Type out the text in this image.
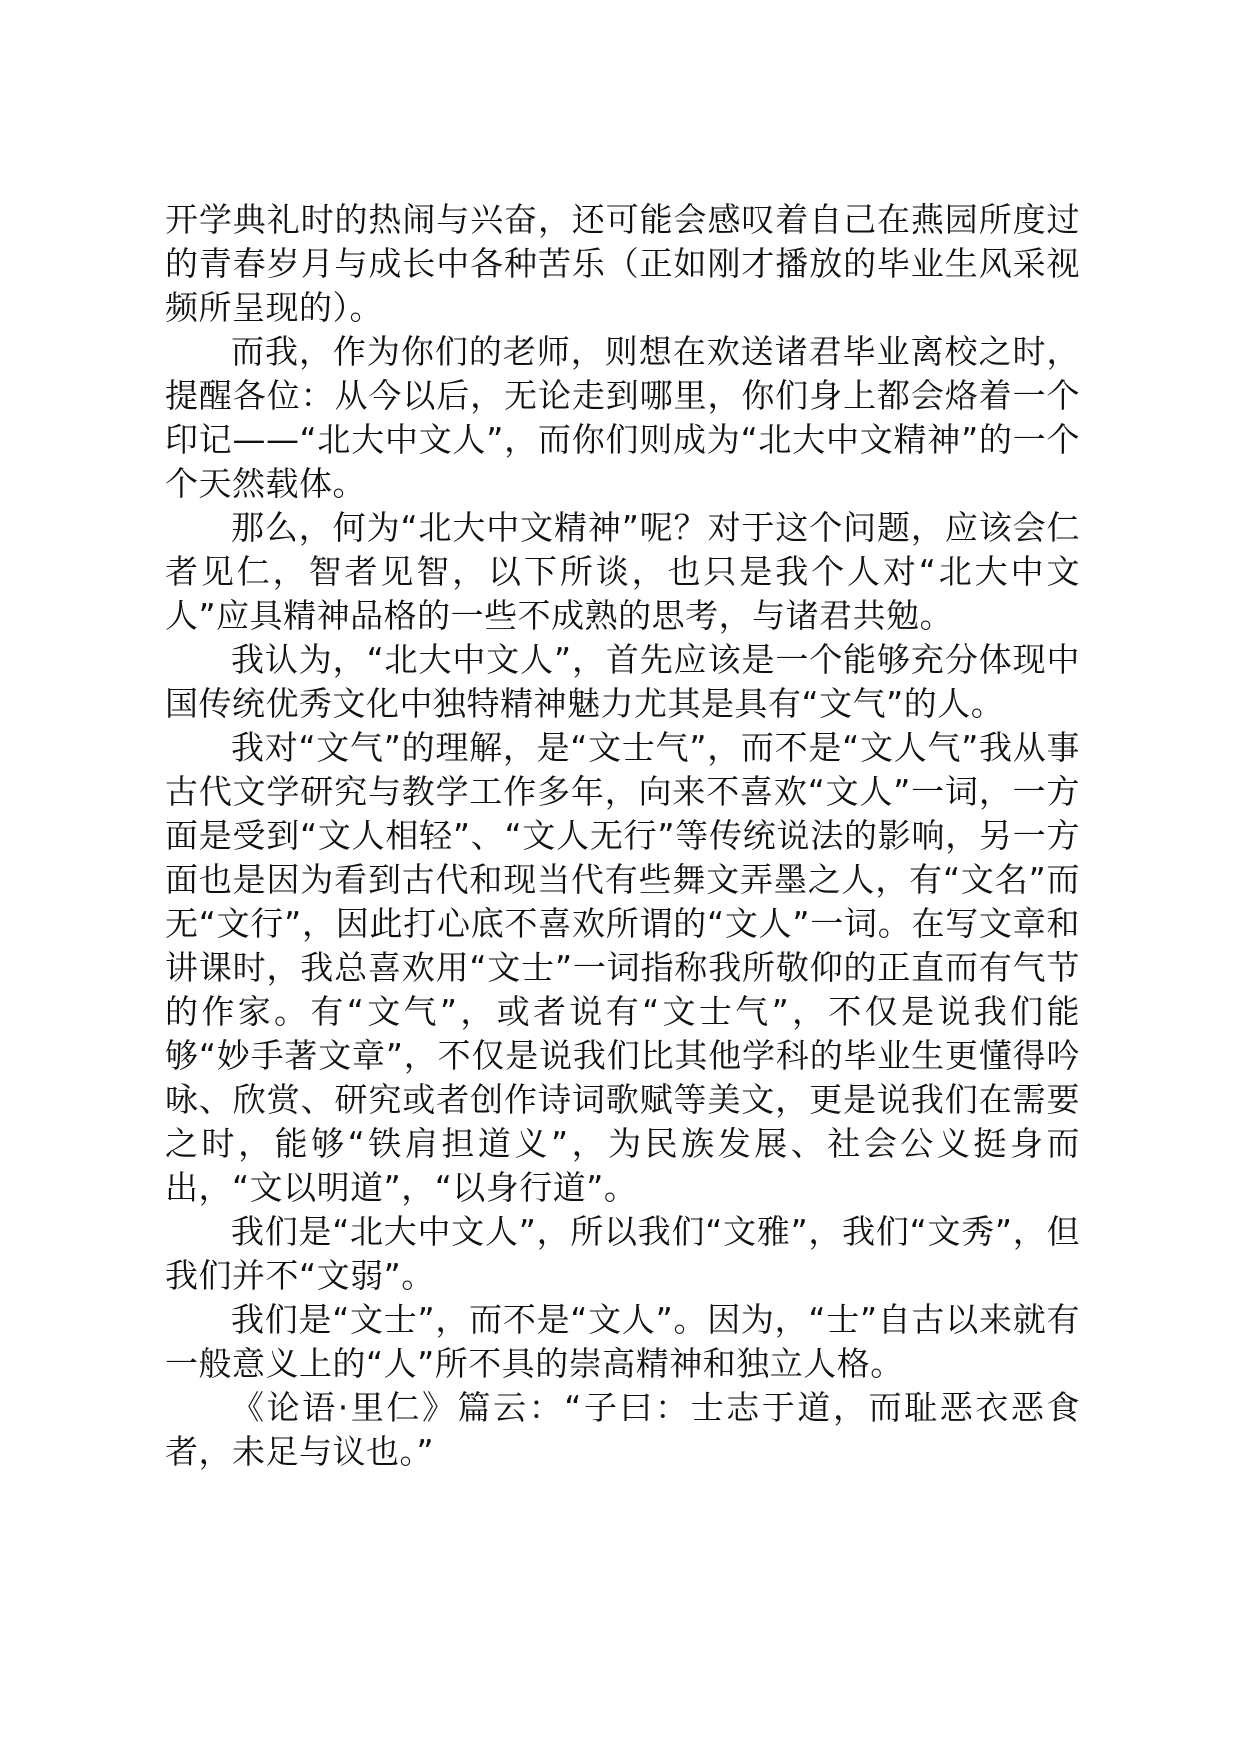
开学典礼时的热闹与兴奋，还可能会感叹着自己在燕园所度过的青春岁月与成长中各种苦乐（正如刚才播放的毕业生风采视频所呈现的）。

而我，作为你们的老师，则想在欢送诸君毕业离校之时，提醒各位：从今以后，无论走到哪里，你们身上都会烙着一个印记——“北大中文人”，而你们则成为“北大中文精神”的一个个天然载体。

那么，何为“北大中文精神”呢？对于这个问题，应该会仁者见仁，智者见智，以下所谈，也只是我个人对“北大中文人”应具精神品格的一些不成熟的思考，与诸君共勉。

我认为，“北大中文人”，首先应该是一个能够充分体现中国传统优秀文化中独特精神魅力尤其是具有“文气”的人。

我对“文气”的理解，是“文士气”，而不是“文人气”我从事古代文学研究与教学工作多年，向来不喜欢“文人”一词，一方面是受到“文人相轻”、“文人无行”等传统说法的影响，另一方面也是因为看到古代和现当代有些舞文弄墨之人，有“文名”而无“文行”，因此打心底不喜欢所谓的“文人”一词。在写文章和讲课时，我总喜欢用“文士”一词指称我所敬仰的正直而有气节的作家。有“文气”，或者说有“文士气”，不仅是说我们能够“妙手著文章”，不仅是说我们比其他学科的毕业生更懂得吟咏、欣赏、研究或者创作诗词歌赋等美文，更是说我们在需要之时，能够“铁肩担道义”，为民族发展、社会公义挺身而出，“文以明道”，“以身行道”。

我们是“北大中文人”，所以我们“文雅”，我们“文秀”，但我们并不“文弱”。

我们是“文士”，而不是“文人”。因为，“士”自古以来就有一般意义上的“人”所不具的崇高精神和独立人格。

《论语·里仁》篇云：“子曰：士志于道，而耻恶衣恶食者，未足与议也。”
